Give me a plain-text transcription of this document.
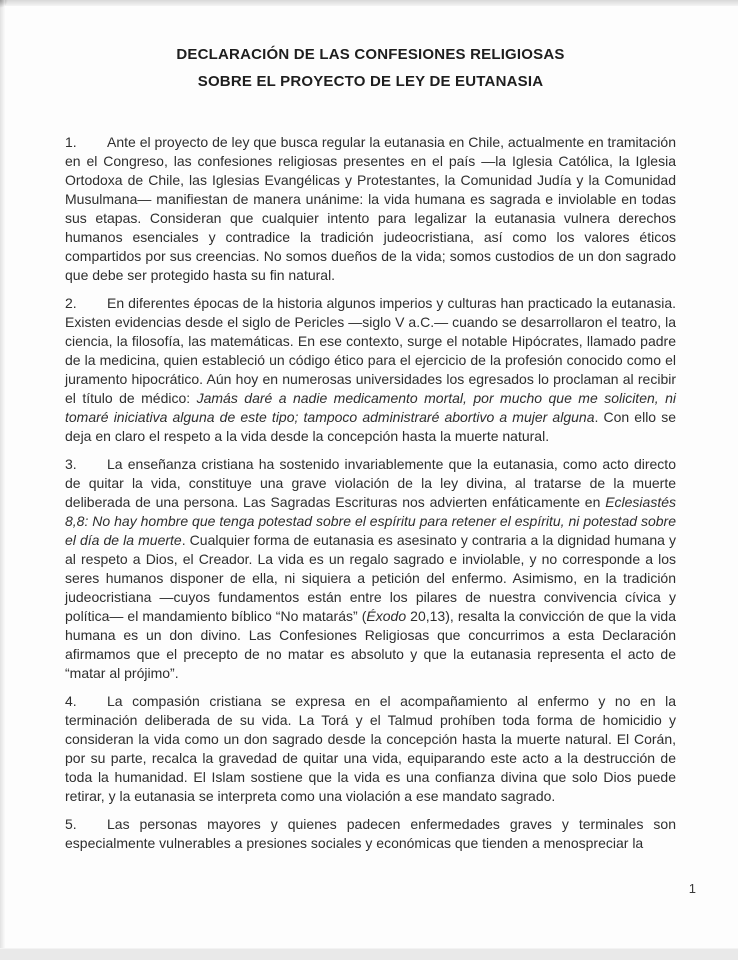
DECLARACIÓN DE LAS CONFESIONES RELIGIOSAS
SOBRE EL PROYECTO DE LEY DE EUTANASIA

1. Ante el proyecto de ley que busca regular la eutanasia en Chile, actualmente en tramitación en el Congreso, las confesiones religiosas presentes en el país —la Iglesia Católica, la Iglesia Ortodoxa de Chile, las Iglesias Evangélicas y Protestantes, la Comunidad Judía y la Comunidad Musulmana— manifiestan de manera unánime: la vida humana es sagrada e inviolable en todas sus etapas. Consideran que cualquier intento para legalizar la eutanasia vulnera derechos humanos esenciales y contradice la tradición judeocristiana, así como los valores éticos compartidos por sus creencias. No somos dueños de la vida; somos custodios de un don sagrado que debe ser protegido hasta su fin natural.

2. En diferentes épocas de la historia algunos imperios y culturas han practicado la eutanasia. Existen evidencias desde el siglo de Pericles —siglo V a.C.— cuando se desarrollaron el teatro, la ciencia, la filosofía, las matemáticas. En ese contexto, surge el notable Hipócrates, llamado padre de la medicina, quien estableció un código ético para el ejercicio de la profesión conocido como el juramento hipocrático. Aún hoy en numerosas universidades los egresados lo proclaman al recibir el título de médico: Jamás daré a nadie medicamento mortal, por mucho que me soliciten, ni tomaré iniciativa alguna de este tipo; tampoco administraré abortivo a mujer alguna. Con ello se deja en claro el respeto a la vida desde la concepción hasta la muerte natural.

3. La enseñanza cristiana ha sostenido invariablemente que la eutanasia, como acto directo de quitar la vida, constituye una grave violación de la ley divina, al tratarse de la muerte deliberada de una persona. Las Sagradas Escrituras nos advierten enfáticamente en Eclesiastés 8,8: No hay hombre que tenga potestad sobre el espíritu para retener el espíritu, ni potestad sobre el día de la muerte. Cualquier forma de eutanasia es asesinato y contraria a la dignidad humana y al respeto a Dios, el Creador. La vida es un regalo sagrado e inviolable, y no corresponde a los seres humanos disponer de ella, ni siquiera a petición del enfermo. Asimismo, en la tradición judeocristiana —cuyos fundamentos están entre los pilares de nuestra convivencia cívica y política— el mandamiento bíblico “No matarás” (Éxodo 20,13), resalta la convicción de que la vida humana es un don divino. Las Confesiones Religiosas que concurrimos a esta Declaración afirmamos que el precepto de no matar es absoluto y que la eutanasia representa el acto de “matar al prójimo”.

4. La compasión cristiana se expresa en el acompañamiento al enfermo y no en la terminación deliberada de su vida. La Torá y el Talmud prohíben toda forma de homicidio y consideran la vida como un don sagrado desde la concepción hasta la muerte natural. El Corán, por su parte, recalca la gravedad de quitar una vida, equiparando este acto a la destrucción de toda la humanidad. El Islam sostiene que la vida es una confianza divina que solo Dios puede retirar, y la eutanasia se interpreta como una violación a ese mandato sagrado.

5. Las personas mayores y quienes padecen enfermedades graves y terminales son especialmente vulnerables a presiones sociales y económicas que tienden a menospreciar la

1
